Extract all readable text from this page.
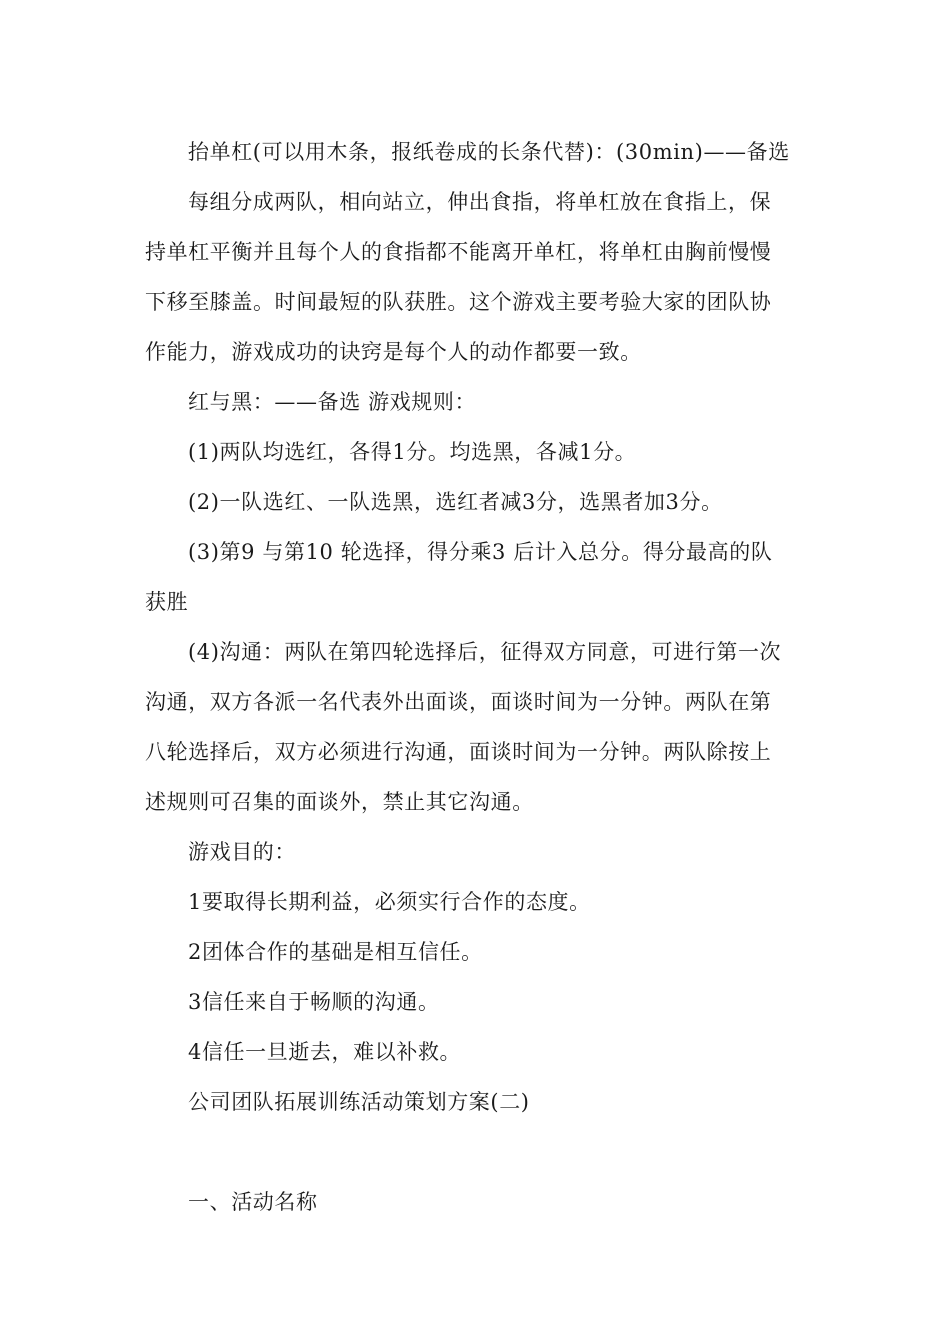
抬单杠(可以用木条，报纸卷成的长条代替)：(30min)——备选
每组分成两队，相向站立，伸出食指，将单杠放在食指上，保
持单杠平衡并且每个人的食指都不能离开单杠，将单杠由胸前慢慢
下移至膝盖。时间最短的队获胜。这个游戏主要考验大家的团队协
作能力，游戏成功的诀窍是每个人的动作都要一致。
红与黑：——备选 游戏规则：
(1)两队均选红，各得1分。均选黑，各减1分。
(2)一队选红、一队选黑，选红者减3分，选黑者加3分。
(3)第9 与第10 轮选择，得分乘3 后计入总分。得分最高的队
获胜
(4)沟通：两队在第四轮选择后，征得双方同意，可进行第一次
沟通，双方各派一名代表外出面谈，面谈时间为一分钟。两队在第
八轮选择后，双方必须进行沟通，面谈时间为一分钟。两队除按上
述规则可召集的面谈外，禁止其它沟通。
游戏目的：
1要取得长期利益，必须实行合作的态度。
2团体合作的基础是相互信任。
3信任来自于畅顺的沟通。
4信任一旦逝去，难以补救。
公司团队拓展训练活动策划方案(二)
一、活动名称
